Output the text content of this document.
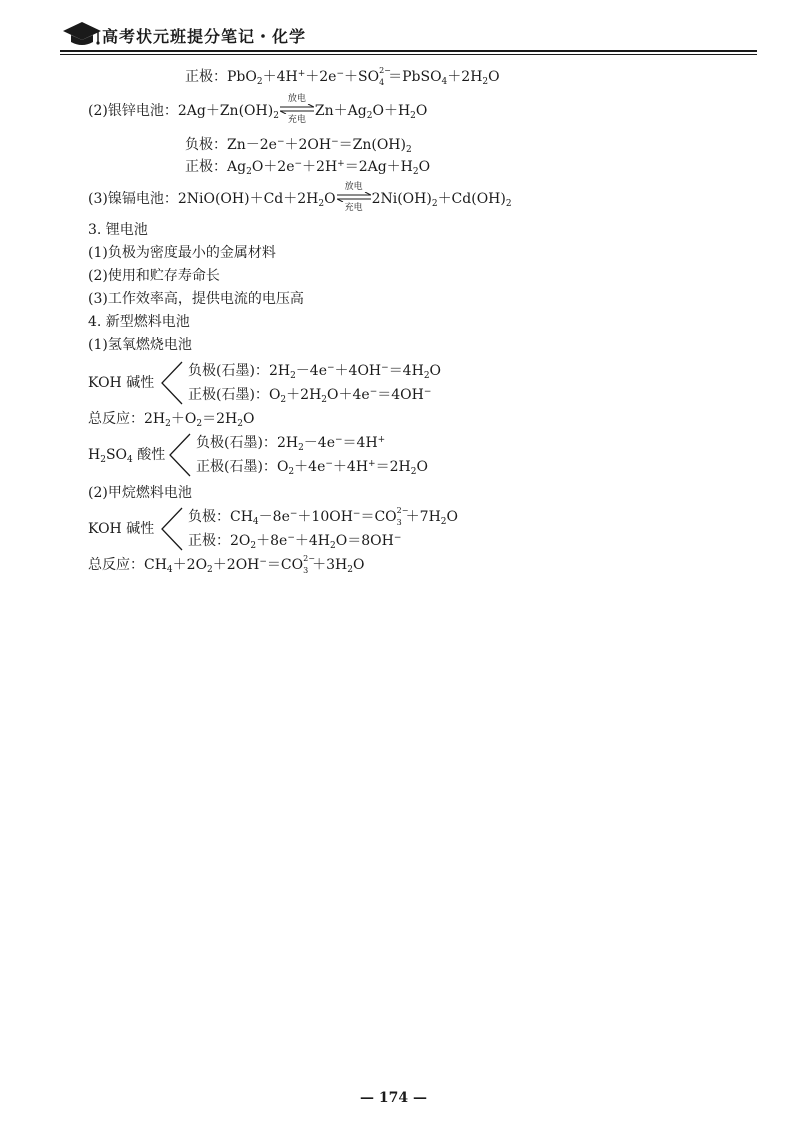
高考状元班提分笔记・化学
正极：PbO$_2$＋4H+＋2e−＋SO 2−
$4 =PbSO_4+2H_2O$
(2)银锌电池：$2Ag+Zn(OH)_2$
放电
充电
$Zn+Ag_2O+H_2O$
负极：$Zn-2e^-+2OH^-=Zn(OH)_2$
正极：$Ag_2O+2e^-+2H^+=2Ag+H_2O$
(3)镍镉电池：$2NiO(OH)+Cd+2H_2O$
放电
充电
$2Ni(OH)_2+Cd(OH)_2$
3. 锂电池
(1)负极为密度最小的金属材料
(2)使用和贮存寿命长
(3)工作效率高，提供电流的电压高
4. 新型燃料电池
(1)氢氧燃烧电池
KOH 碱性
负极(石墨)：$2H_2-4e^-+4OH^-=4H_2O$
正极(石墨)：$O_2+2H_2O+4e^-=4OH^-$
总反应：$2H_2+O_2=2H_2O$
$H_2SO_4$ 酸性
负极(石墨)：$2H_2-4e^-=4H^+$
正极(石墨)：$O_2+4e^-+4H^+=2H_2O$
(2)甲烷燃料电池
KOH 碱性
负极：$CH_4-8e^-+10OH^-=CO$ 2−
$3 +7H_2O$
正极：$2O_2+8e^-+4H_2O=8OH^-$
总反应：$CH_4+2O_2+2OH^-=CO$ 2−
$3 +3H_2O$
— 174 —
